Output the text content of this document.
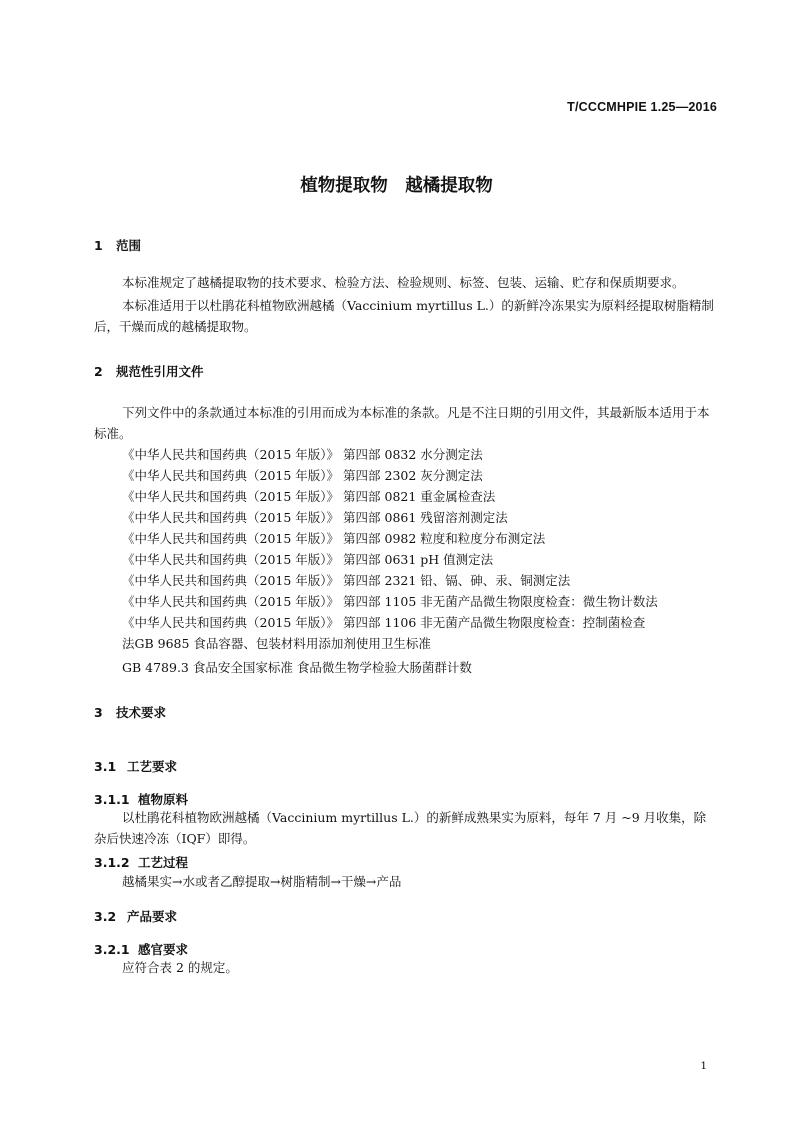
T/CCCMHPIE 1.25—2016
植物提取物　越橘提取物
1 范围
本标准规定了越橘提取物的技术要求、检验方法、检验规则、标签、包装、运输、贮存和保质期要求。
本标准适用于以杜鹃花科植物欧洲越橘（Vaccinium myrtillus L.）的新鲜冷冻果实为原料经提取树脂精制后，干燥而成的越橘提取物。
2 规范性引用文件
下列文件中的条款通过本标准的引用而成为本标准的条款。凡是不注日期的引用文件，其最新版本适用于本标准。
《中华人民共和国药典（2015 年版）》 第四部 0832 水分测定法
《中华人民共和国药典（2015 年版）》 第四部 2302 灰分测定法
《中华人民共和国药典（2015 年版）》 第四部 0821 重金属检查法
《中华人民共和国药典（2015 年版）》 第四部 0861 残留溶剂测定法
《中华人民共和国药典（2015 年版）》 第四部 0982 粒度和粒度分布测定法
《中华人民共和国药典（2015 年版）》 第四部 0631 pH 值测定法
《中华人民共和国药典（2015 年版）》 第四部 2321 铅、镉、砷、汞、铜测定法
《中华人民共和国药典（2015 年版）》 第四部 1105 非无菌产品微生物限度检查：微生物计数法
《中华人民共和国药典（2015 年版）》 第四部 1106 非无菌产品微生物限度检查：控制菌检查
法GB 9685 食品容器、包装材料用添加剂使用卫生标准
GB 4789.3 食品安全国家标准 食品微生物学检验大肠菌群计数
3 技术要求
3.1 工艺要求
3.1.1 植物原料
以杜鹃花科植物欧洲越橘（Vaccinium myrtillus L.）的新鲜成熟果实为原料，每年 7 月 ~9 月收集，除杂后快速冷冻（IQF）即得。
3.1.2 工艺过程
越橘果实→水或者乙醇提取→树脂精制→干燥→产品
3.2 产品要求
3.2.1 感官要求
应符合表 2 的规定。
1
